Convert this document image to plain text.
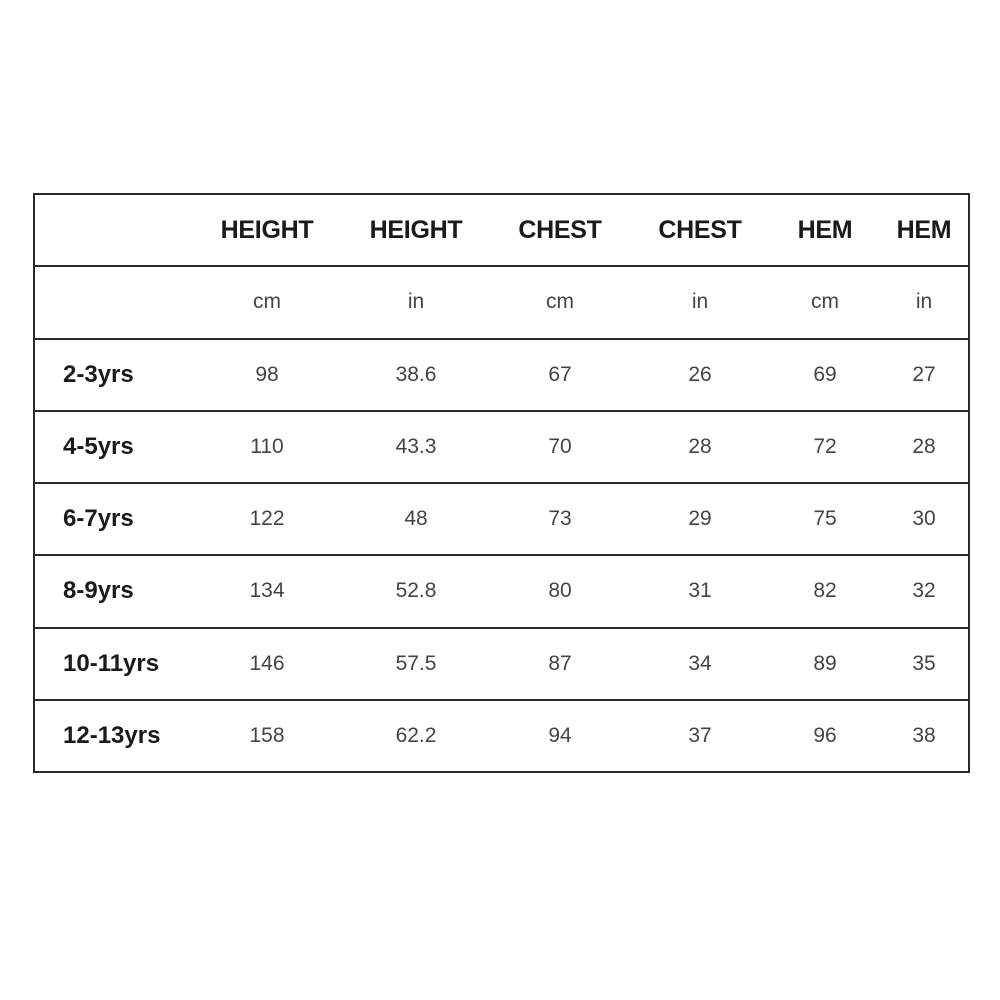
	HEIGHT	HEIGHT	CHEST	CHEST	HEM	HEM
	cm	in	cm	in	cm	in
2-3yrs	98	38.6	67	26	69	27
4-5yrs	110	43.3	70	28	72	28
6-7yrs	122	48	73	29	75	30
8-9yrs	134	52.8	80	31	82	32
10-11yrs	146	57.5	87	34	89	35
12-13yrs	158	62.2	94	37	96	38
